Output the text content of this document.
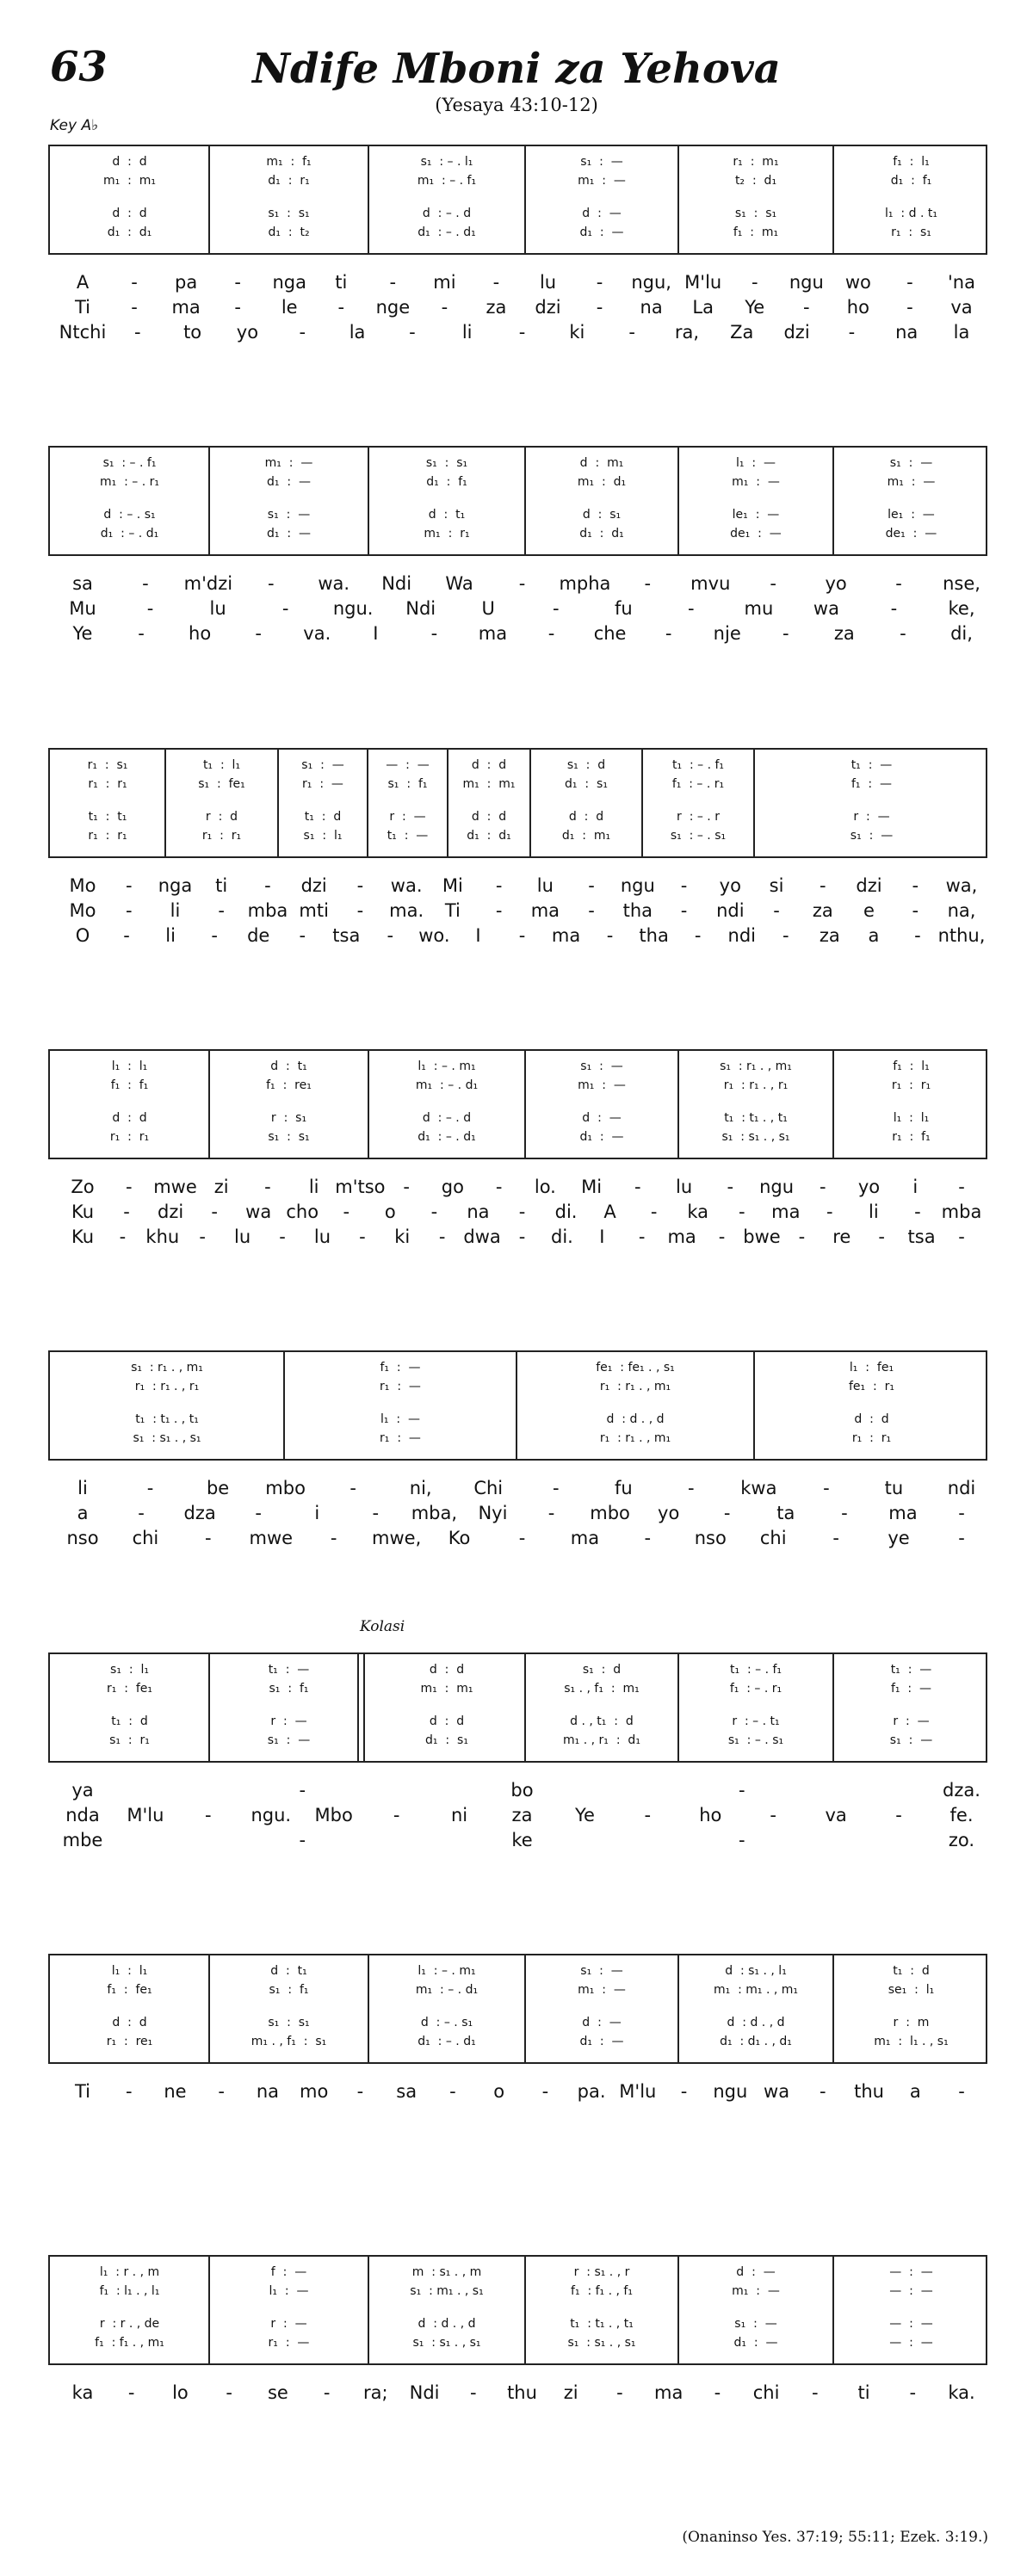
63	Ndife Mboni za Yehova
(Yesaya 43:10-12)
Key A♭
Kolasi
(Onaninso Yes. 37:19; 55:11; Ezek. 3:19.)
d  :  d
m₁  :  m₁
d  :  d
d₁  :  d₁
m₁  :  f₁
d₁  :  r₁
s₁  :  s₁
d₁  :  t₂
s₁  : – . l₁
m₁  : – . f₁
d  : – . d
d₁  : – . d₁
s₁  :  —
m₁  :  —
d  :  —
d₁  :  —
r₁  :  m₁
t₂  :  d₁
s₁  :  s₁
f₁  :  m₁
f₁  :  l₁
d₁  :  f₁
l₁  : d . t₁
r₁  :  s₁
A - pa - nga ti - mi - lu - ngu, M'lu - ngu wo - 'na
Ti - ma - le - nge - za dzi - na La Ye - ho - va
Ntchi - to yo - la -	li	- ki - ra, Za dzi - na la
s₁  : – . f₁
m₁  : – . r₁
d  : – . s₁
d₁  : – . d₁
m₁  :  —
d₁  :  —
s₁  :  —
d₁  :  —
s₁  :  s₁
d₁  :  f₁
d  :  t₁
m₁  :  r₁
d  :  m₁
m₁  :  d₁
d  :  s₁
d₁  :  d₁
l₁  :  —
m₁  :  —
le₁  :  —
de₁  :  —
s₁  :  —
m₁  :  —
le₁  :  —
de₁  :  —
sa	- m'dzi - wa. Ndi Wa	- mpha - mvu -	yo	- nse,
Mu	-	lu	- ngu. Ndi	U	-	fu	-	mu wa	-	ke,
Ye	- ho - va. I	- ma - che - nje - za - di,
r₁  :  s₁
r₁  :  r₁
t₁  :  t₁
r₁  :  r₁
t₁  :  l₁
s₁  :  fe₁
r  :  d
r₁  :  r₁
s₁  :  —
r₁  :  —
t₁  :  d
s₁  :  l₁
—  :  —
s₁  :  f₁
r  :  —
t₁  :  —
d  :  d
m₁  :  m₁
d  :  d
d₁  :  d₁
s₁  :  d
d₁  :  s₁
d  :  d
d₁  :  m₁
t₁  : – . f₁
f₁  : – . r₁
r  : – . r
s₁  : – . s₁
t₁  :  —
f₁  :  —
r  :  —
s₁  :  —
Mo - nga ti - dzi - wa. Mi - lu - ngu - yo si - dzi - wa,
Mo - li - mba mti - ma. Ti - ma - tha - ndi - za e - na,
O - li - de - tsa - wo. I - ma - tha - ndi - za a - nthu,
l₁  :  l₁
f₁  :  f₁
d  :  d
r₁  :  r₁
d  :  t₁
f₁  :  re₁
r  :  s₁
s₁  :  s₁
l₁  : – . m₁
m₁  : – . d₁
d  : – . d
d₁  : – . d₁
s₁  :  —
m₁  :  —
d  :  —
d₁  :  —
s₁  : r₁ . , m₁
r₁  : r₁ . , r₁
t₁  : t₁ . , t₁
s₁  : s₁ . , s₁
f₁  :  l₁
r₁  :  r₁
l₁  :  l₁
r₁  :  f₁
Zo - mwe zi - li m'tso - go - lo. Mi - lu - ngu - yo i -
Ku - dzi - wa cho - o - na - di. A - ka - ma - li - mba
Ku - khu - lu - lu - ki - dwa - di. I - ma - bwe - re - tsa -
s₁  : r₁ . , m₁
r₁  : r₁ . , r₁
t₁  : t₁ . , t₁
s₁  : s₁ . , s₁
f₁  :  —
r₁  :  —
l₁  :  —
r₁  :  —
fe₁  : fe₁ . , s₁
r₁  : r₁ . , m₁
d  : d . , d
r₁  : r₁ . , m₁
l₁  :  fe₁
fe₁  :  r₁
d  :  d
r₁  :  r₁
li	-	be mbo -	ni, Chi	-	fu	-	kwa	-	tu ndi
a	- dza -	i	- mba, Nyi - mbo yo -	ta	- ma -
nso chi	- mwe - mwe, Ko	- ma - nso chi	-	ye	-
s₁  :  l₁
r₁  :  fe₁
t₁  :  d
s₁  :  r₁
t₁  :  —
s₁  :  f₁
r  :  —
s₁  :  —
d  :  d
m₁  :  m₁
d  :  d
d₁  :  s₁
s₁  :  d
s₁ . , f₁  :  m₁
d . , t₁  :  d
m₁ . , r₁  :  d₁
t₁  : – . f₁
f₁  : – . r₁
r  : – . t₁
s₁  : – . s₁
t₁  :  —
f₁  :  —
r  :  —
s₁  :  —
ya	-	bo	-	dza.
nda M'lu - ngu. Mbo -	ni za Ye	-	ho	-	va	-	fe.
mbe	-	ke	-	zo.
l₁  :  l₁
f₁  :  fe₁
d  :  d
r₁  :  re₁
d  :  t₁
s₁  :  f₁
s₁  :  s₁
m₁ . , f₁  :  s₁
l₁  : – . m₁
m₁  : – . d₁
d  : – . s₁
d₁  : – . d₁
s₁  :  —
m₁  :  —
d  :  —
d₁  :  —
d  : s₁ . , l₁
m₁  : m₁ . , m₁
d  : d . , d
d₁  : d₁ . , d₁
t₁  :  d
se₁  :  l₁
r  :  m
m₁  :  l₁ . , s₁
Ti - ne - na mo - sa - o - pa. M'lu - ngu wa - thu a -
l₁  : r . , m
f₁  : l₁ . , l₁
r  : r . , de
f₁  : f₁ . , m₁
f  :  —
l₁  :  —
r  :  —
r₁  :  —
m  : s₁ . , m
s₁  : m₁ . , s₁
d  : d . , d
s₁  : s₁ . , s₁
r  : s₁ . , r
f₁  : f₁ . , f₁
t₁  : t₁ . , t₁
s₁  : s₁ . , s₁
d  :  —
m₁  :  —
s₁  :  —
d₁  :  —
—  :  —
—  :  —
—  :  —
—  :  —
ka - lo - se - ra; Ndi - thu zi - ma - chi - ti - ka.
